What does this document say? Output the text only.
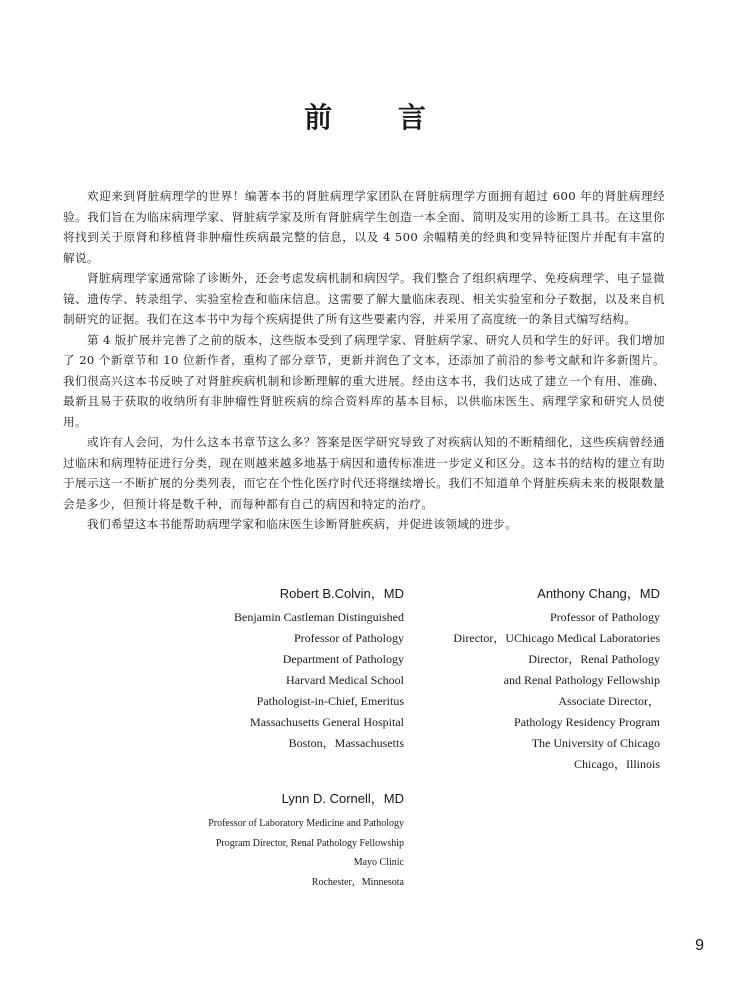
前 言

欢迎来到肾脏病理学的世界！编著本书的肾脏病理学家团队在肾脏病理学方面拥有超过 600 年的肾脏病理经验。我们旨在为临床病理学家、肾脏病学家及所有肾脏病学生创造一本全面、简明及实用的诊断工具书。在这里你将找到关于原肾和移植肾非肿瘤性疾病最完整的信息，以及 4 500 余幅精美的经典和变异特征图片并配有丰富的解说。

肾脏病理学家通常除了诊断外，还会考虑发病机制和病因学。我们整合了组织病理学、免疫病理学、电子显微镜、遗传学、转录组学、实验室检查和临床信息。这需要了解大量临床表现、相关实验室和分子数据，以及来自机制研究的证据。我们在这本书中为每个疾病提供了所有这些要素内容，并采用了高度统一的条目式编写结构。

第 4 版扩展并完善了之前的版本，这些版本受到了病理学家、肾脏病学家、研究人员和学生的好评。我们增加了 20 个新章节和 10 位新作者，重构了部分章节，更新并润色了文本，还添加了前沿的参考文献和许多新图片。我们很高兴这本书反映了对肾脏疾病机制和诊断理解的重大进展。经由这本书，我们达成了建立一个有用、准确、最新且易于获取的收纳所有非肿瘤性肾脏疾病的综合资料库的基本目标，以供临床医生、病理学家和研究人员使用。

或许有人会问，为什么这本书章节这么多？答案是医学研究导致了对疾病认知的不断精细化，这些疾病曾经通过临床和病理特征进行分类，现在则越来越多地基于病因和遗传标准进一步定义和区分。这本书的结构的建立有助于展示这一不断扩展的分类列表，而它在个性化医疗时代还将继续增长。我们不知道单个肾脏疾病未来的极限数量会是多少，但预计将是数千种，而每种都有自己的病因和特定的治疗。

我们希望这本书能帮助病理学家和临床医生诊断肾脏疾病，并促进该领域的进步。

Robert B.Colvin，MD
Benjamin Castleman Distinguished
Professor of Pathology
Department of Pathology
Harvard Medical School
Pathologist-in-Chief, Emeritus
Massachusetts General Hospital
Boston，Massachusetts
Anthony Chang，MD
Professor of Pathology
Director，UChicago Medical Laboratories
Director，Renal Pathology
and Renal Pathology Fellowship
Associate Director，
Pathology Residency Program
The University of Chicago
Chicago，Illinois
Lynn D. Cornell，MD
Professor of Laboratory Medicine and Pathology
Program Director, Renal Pathology Fellowship
Mayo Clinic
Rochester，Minnesota
9
